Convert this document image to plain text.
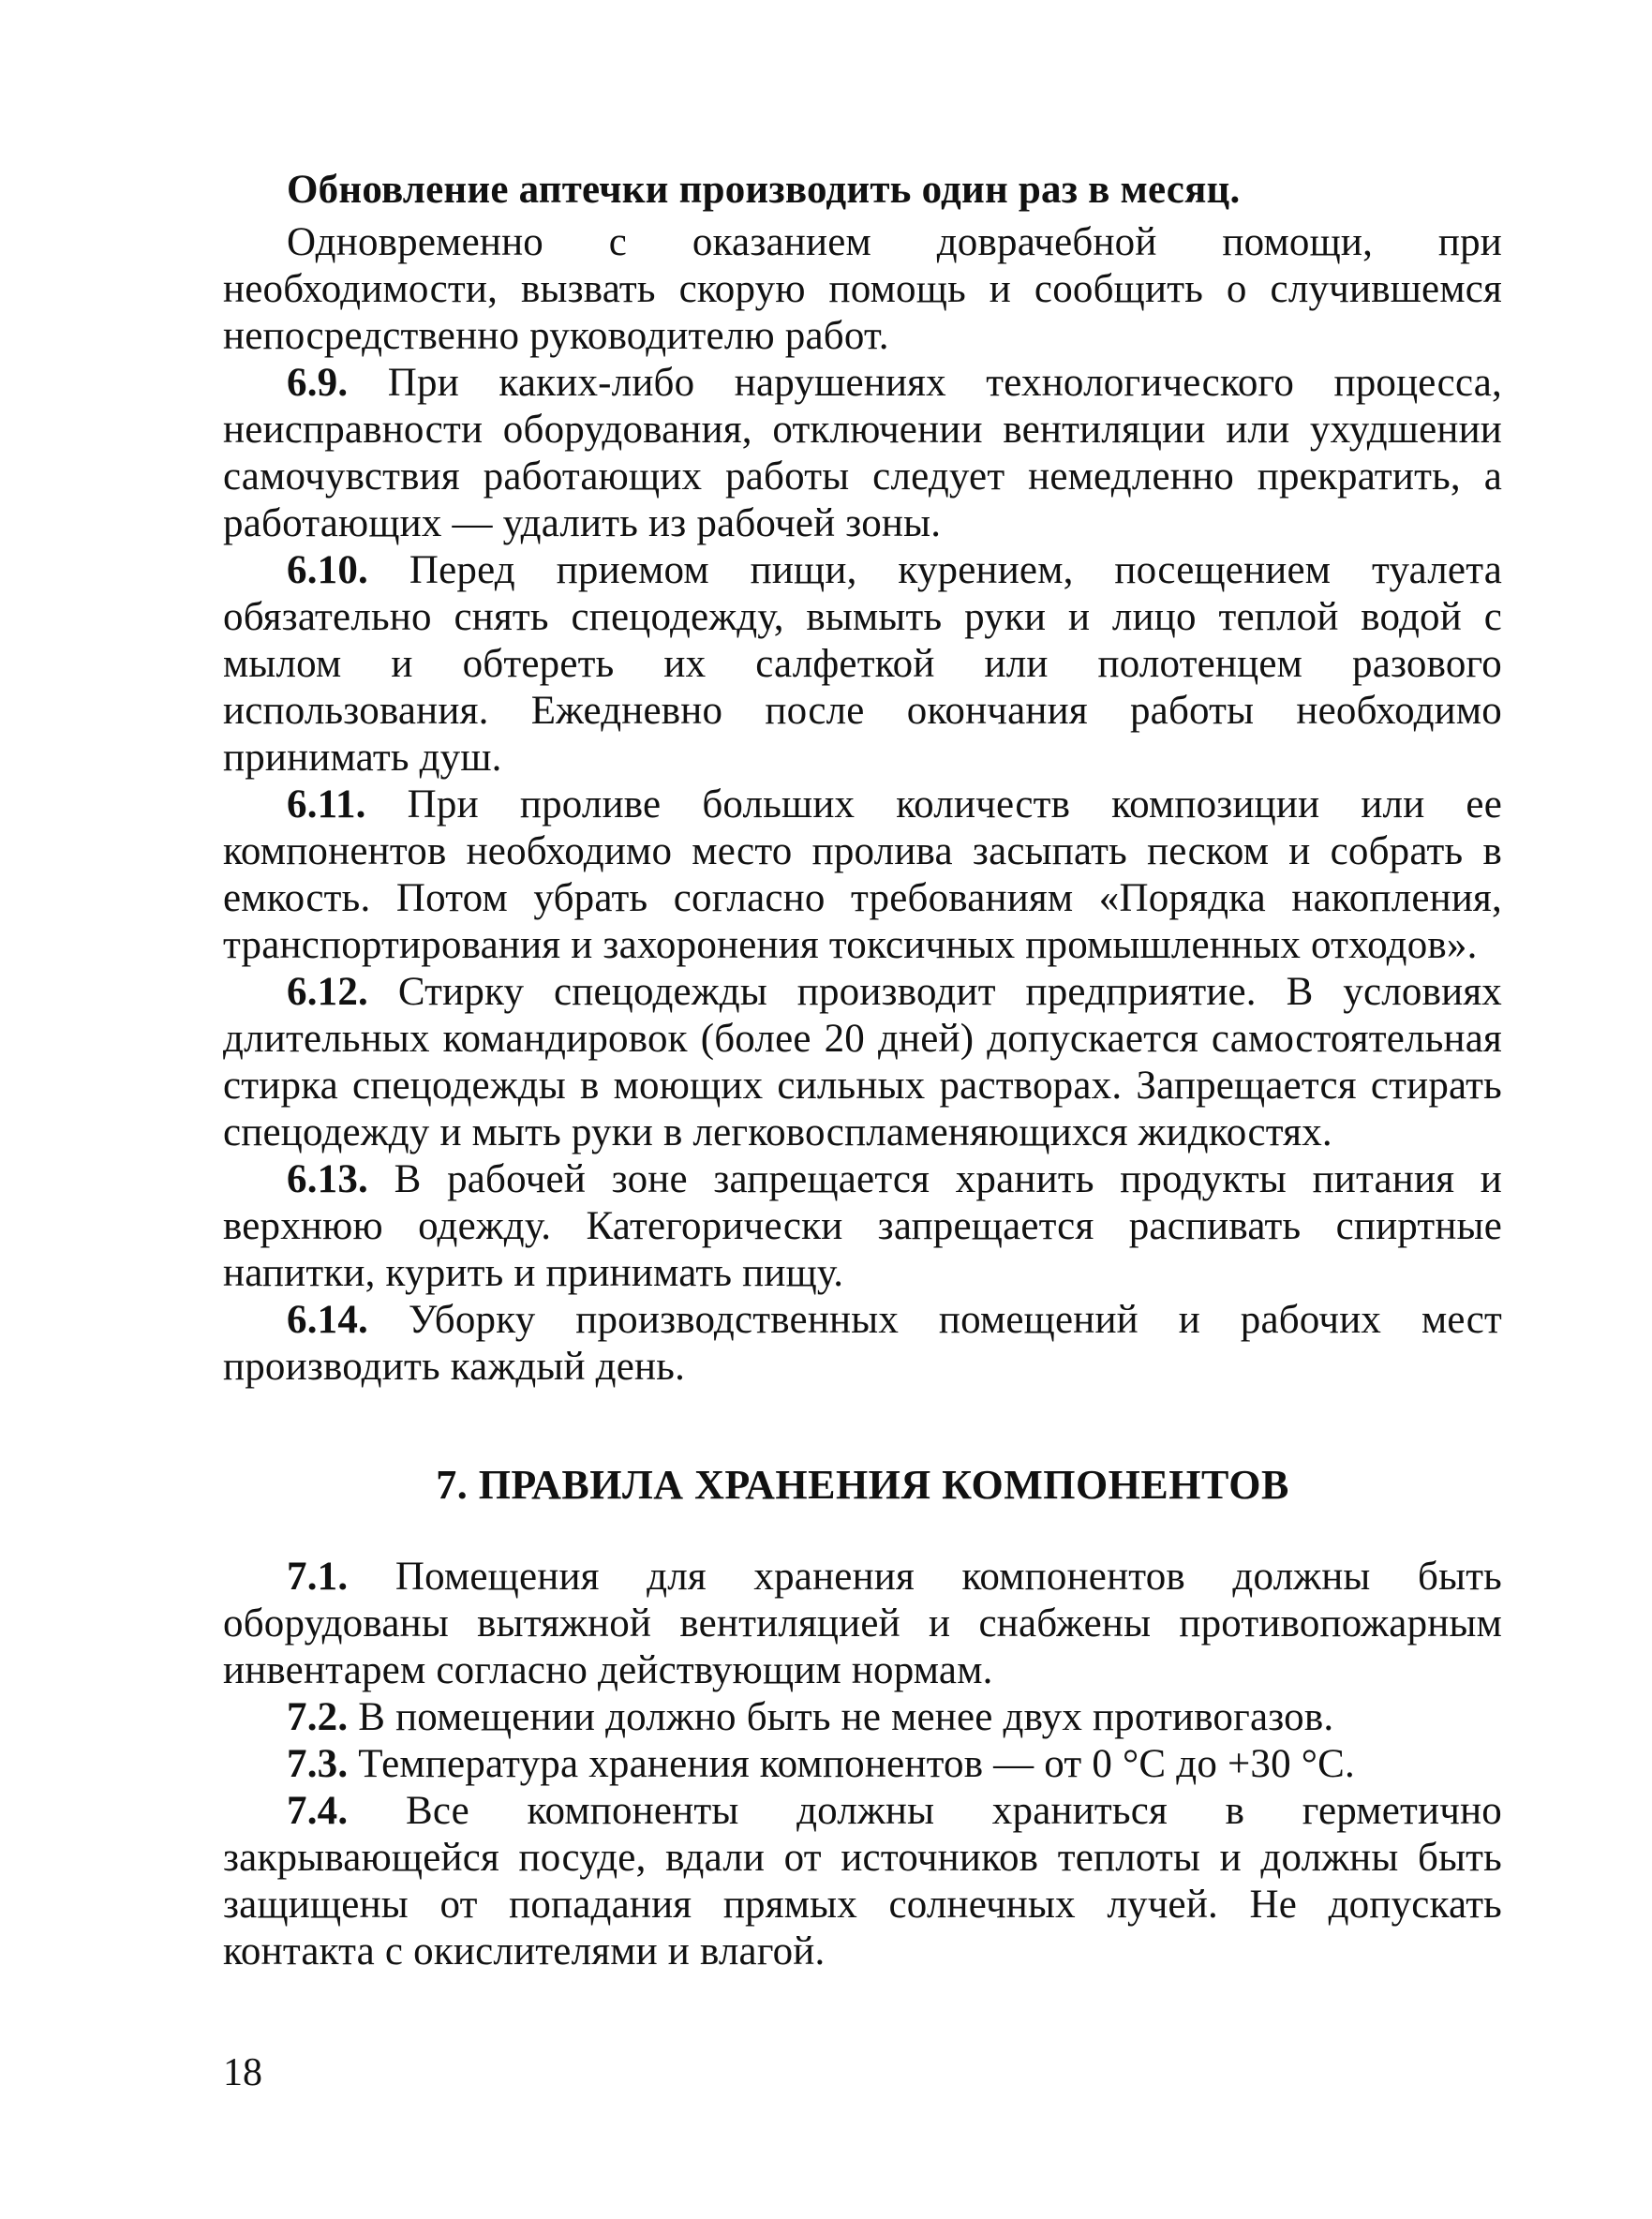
Обновление аптечки производить один раз в месяц.

Одновременно с оказанием доврачебной помощи, при необходимости, вызвать скорую помощь и сообщить о случившемся непосредственно руководителю работ.

6.9. При каких-либо нарушениях технологического процесса, неисправности оборудования, отключении вентиляции или ухудшении самочувствия работающих работы следует немедленно прекратить, а работающих — удалить из рабочей зоны.

6.10. Перед приемом пищи, курением, посещением туалета обязательно снять спецодежду, вымыть руки и лицо теплой водой с мылом и обтереть их салфеткой или полотенцем разового использования. Ежедневно после окончания работы необходимо принимать душ.

6.11. При проливе больших количеств композиции или ее компонентов необходимо место пролива засыпать песком и собрать в емкость. Потом убрать согласно требованиям «Порядка накопления, транспортирования и захоронения токсичных промышленных отходов».

6.12. Стирку спецодежды производит предприятие. В условиях длительных командировок (более 20 дней) допускается самостоятельная стирка спецодежды в моющих сильных растворах. Запрещается стирать спецодежду и мыть руки в легковоспламеняющихся жидкостях.

6.13. В рабочей зоне запрещается хранить продукты питания и верхнюю одежду. Категорически запрещается распивать спиртные напитки, курить и принимать пищу.

6.14. Уборку производственных помещений и рабочих мест производить каждый день.

7. ПРАВИЛА ХРАНЕНИЯ КОМПОНЕНТОВ

7.1. Помещения для хранения компонентов должны быть оборудованы вытяжной вентиляцией и снабжены противопожарным инвентарем согласно действующим нормам.

7.2. В помещении должно быть не менее двух противогазов.

7.3. Температура хранения компонентов — от 0 °С до +30 °С.

7.4. Все компоненты должны храниться в герметично закрывающейся посуде, вдали от источников теплоты и должны быть защищены от попадания прямых солнечных лучей. Не допускать контакта с окислителями и влагой.

18
